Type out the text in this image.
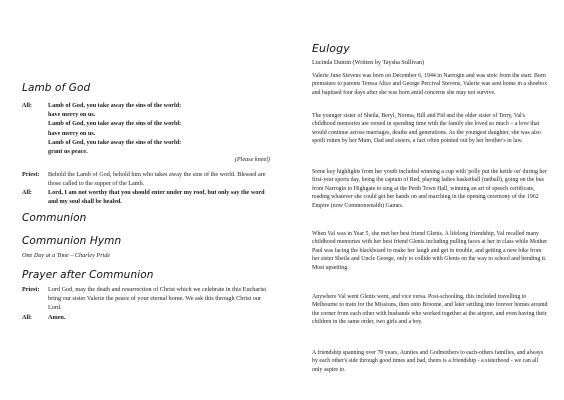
Lamb of God
All:	Lamb of God, you take away the sins of the world:
have mercy on us.
Lamb of God, you take away the sins of the world:
have mercy on us.
Lamb of God, you take away the sins of the world:
grant us peace.
(Please kneel)
Priest:	Behold the Lamb of God, behold him who takes away the sins of the world. Blessed are those called to the supper of the Lamb.
All:	Lord, I am not worthy that you should enter under my roof, but only say the word and my soul shall be healed.
Communion
Communion Hymn
One Day at a Time – Charley Pride
Prayer after Communion
Priest:	Lord God, may the death and resurrection of Christ which we celebrate in this Eucharist bring our sister Valerie the peace of your eternal home. We ask this through Christ our Lord.
All:	Amen.
Eulogy
Lucinda Dumin (Written by Taysha Sullivan)

Valerie June Stevens was born on December 6, 1944 in Narrogin and was stoic from the start. Born premature to parents Teresa Alice and George Percival Stevens, Valerie was sent home in a shoebox and baptised four days after she was born amid concerns she may not survive.

The younger sister of Sheila, Beryl, Norma, Bill and Fid and the older sister of Terry, Val's childhood memories are rooted in spending time with the family she loved so much – a love that would continue across marriages, deaths and generations. As the youngest daughter, she was also spoilt rotten by her Mum, Dad and sisters, a fact often pointed out by her brother's in law.

Some key highlights from her youth included winning a cup with 'polly put the kettle on' during her first-year sports day, being the captain of Red, playing ladies basketball (netball), going on the bus from Narrogin to Highgate to sing at the Perth Town Hall, winning an art of speech certificate, reading whatever she could get her hands on and marching in the opening ceremony of the 1962 Empire (now Commonwealth) Games.

When Val was in Year 5, she met her best friend Glenis. A lifelong friendship, Val recalled many childhood memories with her best friend Glenis including pulling faces at her in class while Mother Paul was facing the blackboard to make her laugh and get in trouble, and getting a new bike from her sister Sheila and Uncle George, only to collide with Glenis on the way to school and bending it. Most upsetting.

Anywhere Val went Glenis went, and vice versa. Post-schooling, this included travelling to Melbourne to train for the Missions, then onto Broome, and later settling into forever homes around the corner from each other with husbands who worked together at the airport, and even having their children in the same order, two girls and a boy.

A friendship spanning over 70 years, Aunties and Godmothers to each-others families, and always by each other's side through good times and bad, theirs is a friendship - a sisterhood - we can all only aspire to.
